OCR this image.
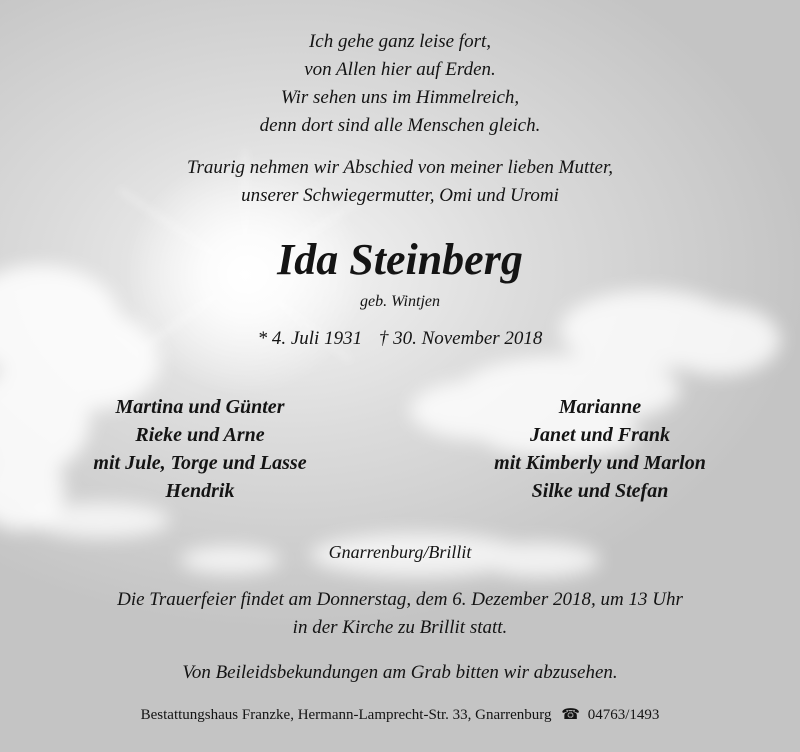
Ich gehe ganz leise fort,
von Allen hier auf Erden.
Wir sehen uns im Himmelreich,
denn dort sind alle Menschen gleich.
Traurig nehmen wir Abschied von meiner lieben Mutter,
unserer Schwiegermutter, Omi und Uromi
Ida Steinberg
geb. Wintjen
* 4. Juli 1931 † 30. November 2018
Martina und Günter
Rieke und Arne
mit Jule, Torge und Lasse
Hendrik
Marianne
Janet und Frank
mit Kimberly und Marlon
Silke und Stefan
Gnarrenburg/Brillit
Die Trauerfeier findet am Donnerstag, dem 6. Dezember 2018, um 13 Uhr
in der Kirche zu Brillit statt.
Von Beileidsbekundungen am Grab bitten wir abzusehen.
Bestattungshaus Franzke, Hermann-Lamprecht-Str. 33, Gnarrenburg ☎ 04763/1493
